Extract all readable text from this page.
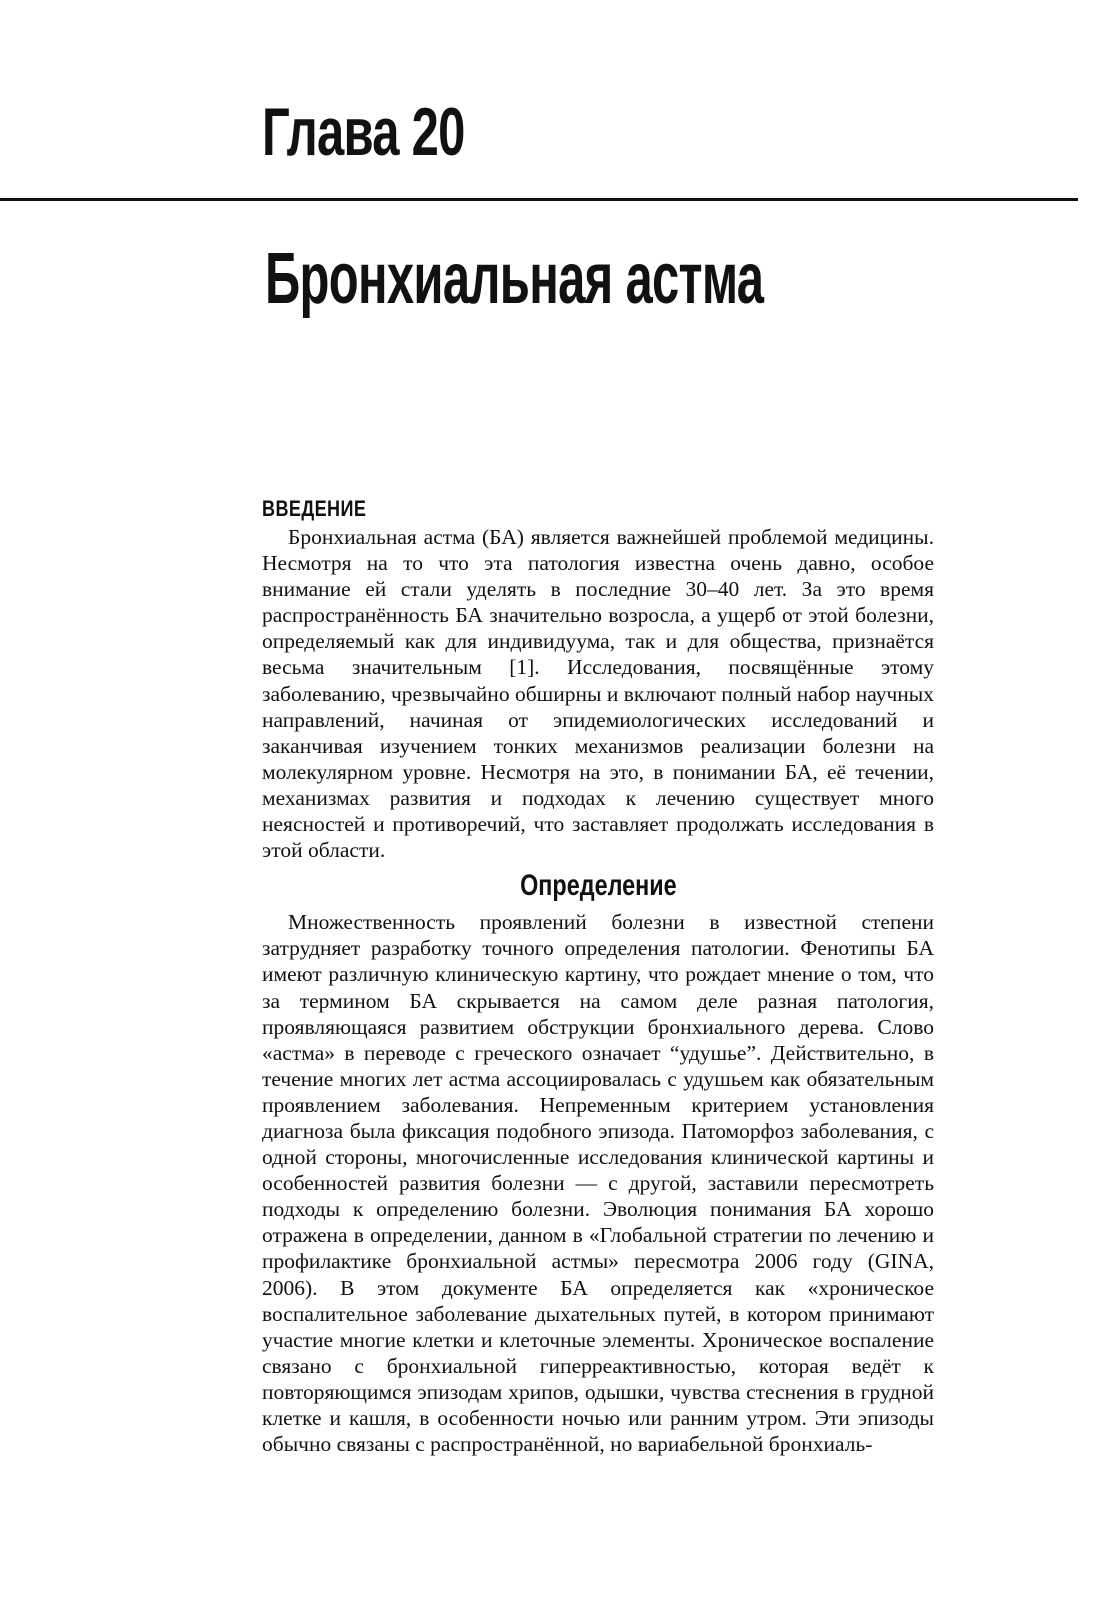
Глава 20
Бронхиальная астма
ВВЕДЕНИЕ

Бронхиальная астма (БА) является важнейшей проблемой медицины. Несмотря на то что эта патология известна очень давно, особое внимание ей стали уделять в последние 30–40 лет. За это время распространённость БА значительно возросла, а ущерб от этой болезни, определяемый как для индивидуума, так и для общества, признаётся весьма значительным [1]. Исследования, посвящённые этому заболеванию, чрезвычайно обширны и включают полный набор научных направлений, начиная от эпидемиологических исследований и заканчивая изучением тонких механизмов реализации болезни на молекулярном уровне. Несмотря на это, в понимании БА, её течении, механизмах развития и подходах к лечению существует много неясностей и противоречий, что заставляет продолжать исследования в этой области.

Определение

Множественность проявлений болезни в известной степени затрудняет разработку точного определения патологии. Фенотипы БА имеют различную клиническую картину, что рождает мнение о том, что за термином БА скрывается на самом деле разная патология, проявляющаяся развитием обструкции бронхиального дерева. Слово «астма» в переводе с греческого означает “удушье”. Действительно, в течение многих лет астма ассоциировалась с удушьем как обязательным проявлением заболевания. Непременным критерием установления диагноза была фиксация подобного эпизода. Патоморфоз заболевания, с одной стороны, многочисленные исследования клинической картины и особенностей развития болезни — с другой, заставили пересмотреть подходы к определению болезни. Эволюция понимания БА хорошо отражена в определении, данном в «Глобальной стратегии по лечению и профилактике бронхиальной астмы» пересмотра 2006 году (GINA, 2006). В этом документе БА определяется как «хроническое воспалительное заболевание дыхательных путей, в котором принимают участие многие клетки и клеточные элементы. Хроническое воспаление связано с бронхиальной гиперреактивностью, которая ведёт к повторяющимся эпизодам хрипов, одышки, чувства стеснения в грудной клетке и кашля, в особенности ночью или ранним утром. Эти эпизоды обычно связаны с распространённой, но вариабельной бронхиаль-
